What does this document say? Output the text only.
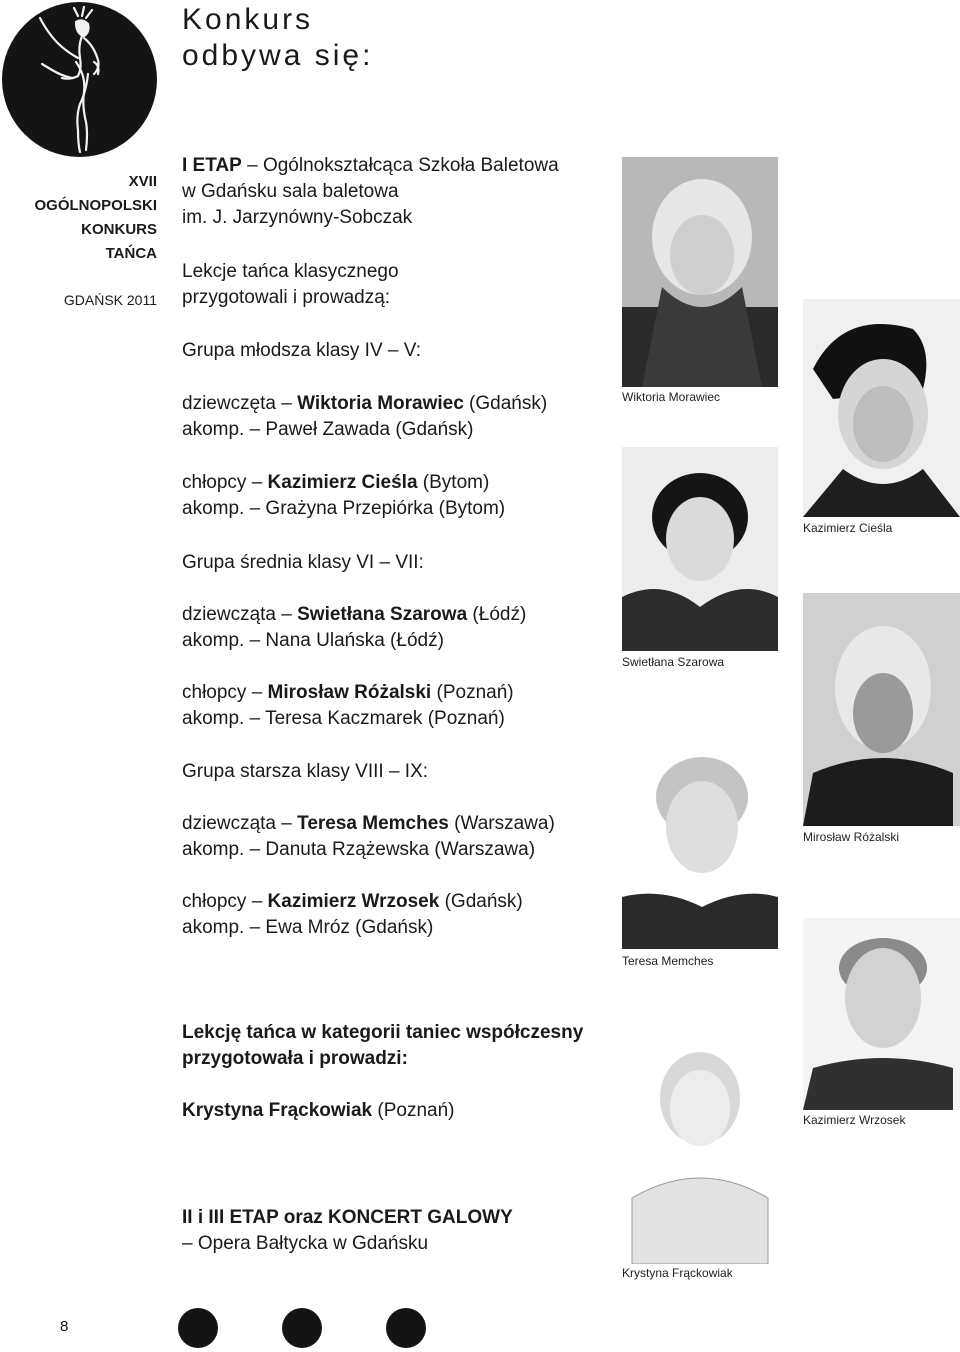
XVII
OGÓLNOPOLSKI
KONKURS
TAŃCA
GDAŃSK 2011
Konkurs
odbywa się:
I ETAP – Ogólnokształcąca Szkoła Baletowa
w Gdańsku sala baletowa
im. J. Jarzynówny-Sobczak
Lekcje tańca klasycznego
przygotowali i prowadzą:
Grupa młodsza klasy IV – V:
dziewczęta – Wiktoria Morawiec (Gdańsk)
akomp. – Paweł Zawada (Gdańsk)
chłopcy – Kazimierz Cieśla (Bytom)
akomp. – Grażyna Przepiórka (Bytom)
Grupa średnia klasy VI – VII:
dziewcząta – Swietłana Szarowa (Łódź)
akomp. – Nana Ulańska (Łódź)
chłopcy – Mirosław Różalski (Poznań)
akomp. – Teresa Kaczmarek (Poznań)
Grupa starsza klasy VIII – IX:
dziewcząta – Teresa Memches (Warszawa)
akomp. – Danuta Rzążewska (Warszawa)
chłopcy – Kazimierz Wrzosek (Gdańsk)
akomp. – Ewa Mróz (Gdańsk)
Lekcję tańca w kategorii taniec współczesny
przygotowała i prowadzi:
Krystyna Frąckowiak (Poznań)
II i III ETAP oraz KONCERT GALOWY
– Opera Bałtycka w Gdańsku
Wiktoria Morawiec
Kazimierz Cieśla
Swietłana Szarowa
Mirosław Różalski
Teresa Memches
Kazimierz Wrzosek
Krystyna Frąckowiak
8
